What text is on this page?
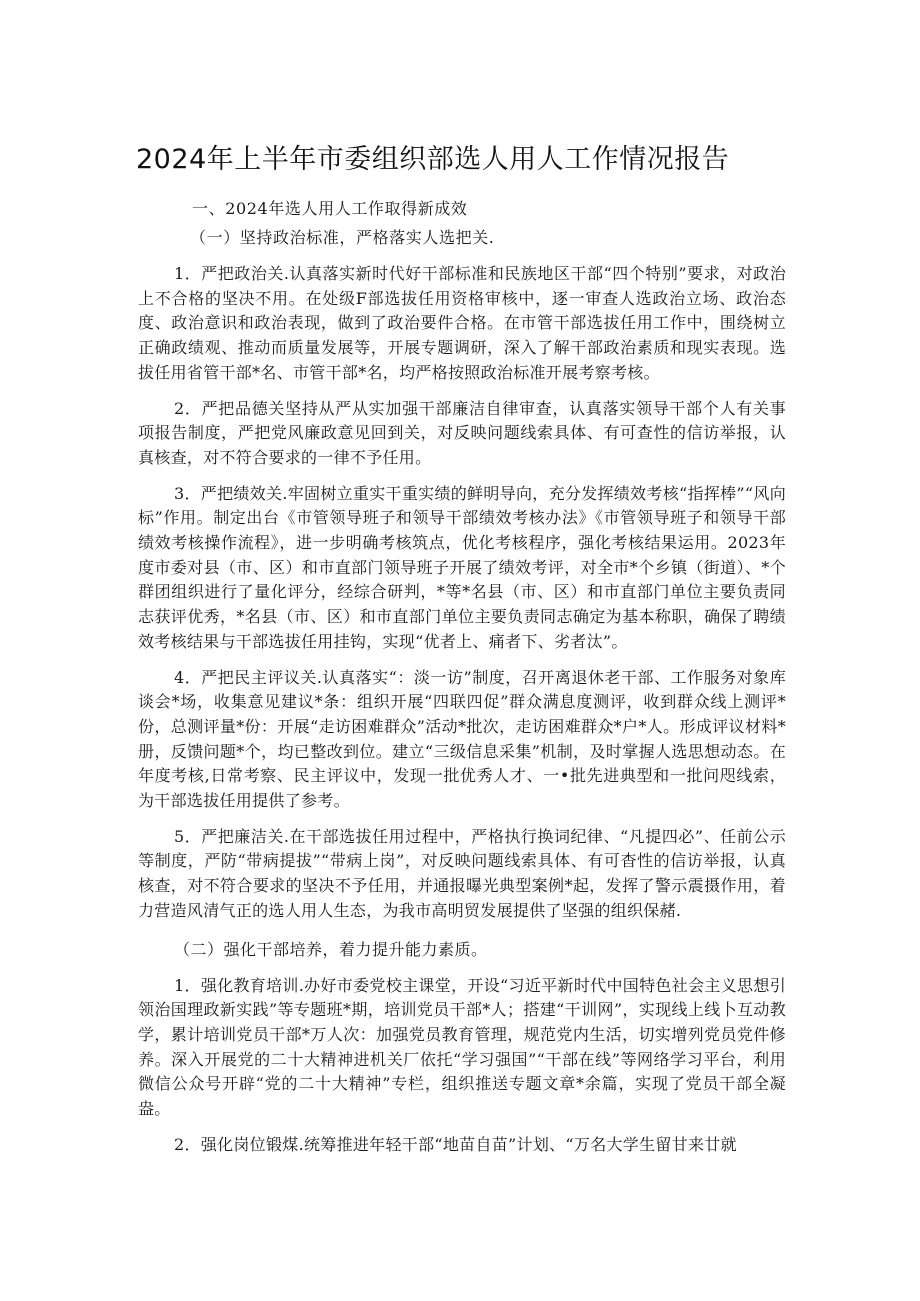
2024年上半年市委组织部选人用人工作情况报告

一、2024年选人用人工作取得新成效

（一）坚持政治标准，严格落实人选把关.

1．严把政治关.认真落实新时代好干部标准和民族地区干部“四个特别”要求，对政治上不合格的坚决不用。在处级F部选拔任用资格审核中，逐一审查人选政治立场、政治态度、政治意识和政治表现，做到了政治要件合格。在市管干部选拔任用工作中，围绕树立正确政绩观、推动而质量发展等，开展专题调研，深入了解干部政治素质和现实表现。选拔任用省管干部*名、市管干部*名，均严格按照政治标准开展考察考核。

2．严把品德关坚持从严从实加强干部廉洁自律审查，认真落实领导干部个人有关事项报告制度，严把党风廉政意见回到关，对反映问题线索具体、有可查性的信访举报，认真核查，对不符合要求的一律不予任用。

3．严把绩效关.牢固树立重实干重实绩的鲜明导向，充分发挥绩效考核“指挥棒”“风向标”作用。制定出台《市管领导班子和领导干部绩效考核办法》《市管领导班子和领导干部绩效考核操作流程》，进一步明确考核筑点，优化考核程序，强化考核结果运用。2023年度市委对县（市、区）和市直部门领导班子开展了绩效考评，对全市*个乡镇（街道）、*个群团组织进行了量化评分，经综合研判，*等*名县（市、区）和市直部门单位主要负责同志获评优秀，*名县（市、区）和市直部门单位主要负责同志确定为基本称职，确保了聘绩效考核结果与干部选拔任用挂钩，实现“优者上、痛者下、劣者汰”。

4．严把民主评议关.认真落实“：淡一访”制度，召开离退休老干部、工作服务对象库谈会*场，收集意见建议*条：组织开展“四联四促”群众满息度测评，收到群众线上测评*份，总测评量*份：开展“走访困难群众”活动*批次，走访困难群众*户*人。形成评议材料*册，反馈问题*个，均已整改到位。建立“三级信息采集”机制，及时掌握人选思想动态。在年度考核,日常考察、民主评议中，发现一批优秀人才、一•批先进典型和一批问咫线索，为干部选拔任用提供了参考。

5．严把廉洁关.在干部选拔任用过程中，严格执行换词纪律、“凡提四必”、任前公示等制度，严防“带病提拔”“带病上岗”，对反映问题线索具体、有可杳性的信访举报，认真核查，对不符合要求的坚决不予任用，并通报曝光典型案例*起，发挥了警示震摄作用，着力营造风清气正的选人用人生态，为我市高明贸发展提供了坚强的组织保赭.

（二）强化干部培养，着力提升能力素质。

1．强化教育培训.办好市委党校主课堂，开设“习近平新时代中国特色社会主义思想引领治国理政新实践”等专题班*期，培训党员干部*人；搭建“干训网”，实现线上线卜互动教学，累计培训党员干部*万人次：加强党员教育管理，规范党内生活，切实增列党员党件修养。深入开展党的二十大精神进机关厂依托“学习强国”“干部在线”等网络学习平台，利用微信公众号开辟“党的二十大精神”专栏，组织推送专题文章*余篇，实现了党员干部全凝盎。

2．强化岗位锻煤.统筹推进年轻干部“地苗自苗”计划、“万名大学生留甘来廿就
